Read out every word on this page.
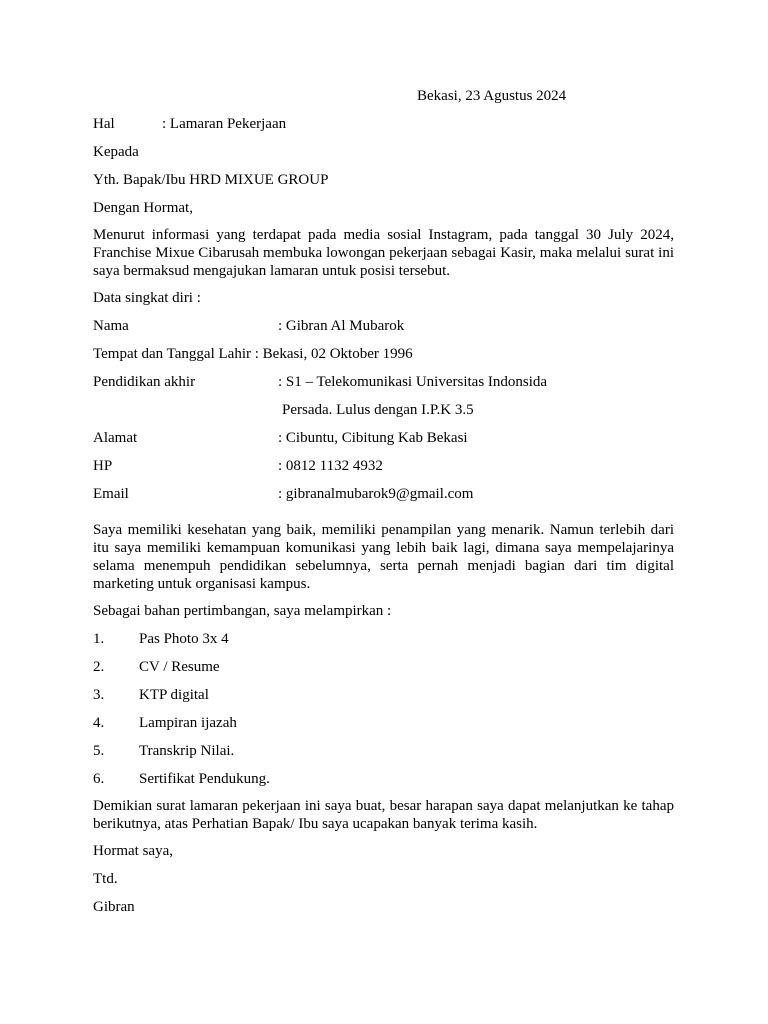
Bekasi, 23 Agustus 2024
Hal	: Lamaran Pekerjaan
Kepada
Yth. Bapak/Ibu HRD MIXUE GROUP
Dengan Hormat,

Menurut informasi yang terdapat pada media sosial Instagram, pada tanggal 30 July 2024, Franchise Mixue Cibarusah membuka lowongan pekerjaan sebagai Kasir, maka melalui surat ini saya bermaksud mengajukan lamaran untuk posisi tersebut.

Data singkat diri :
Nama	: Gibran Al Mubarok
Tempat dan Tanggal Lahir : Bekasi, 02 Oktober 1996
Pendidikan akhir	: S1 – Telekomunikasi Universitas Indonsida
Persada. Lulus dengan I.P.K 3.5
Alamat	: Cibuntu, Cibitung Kab Bekasi
HP	: 0812 1132 4932
Email	: gibranalmubarok9@gmail.com

Saya memiliki kesehatan yang baik, memiliki penampilan yang menarik. Namun terlebih dari itu saya memiliki kemampuan komunikasi yang lebih baik lagi, dimana saya mempelajarinya selama menempuh pendidikan sebelumnya, serta pernah menjadi bagian dari tim digital marketing untuk organisasi kampus.

Sebagai bahan pertimbangan, saya melampirkan :
1. Pas Photo 3x 4
2. CV / Resume
3. KTP digital
4. Lampiran ijazah
5. Transkrip Nilai.
6. Sertifikat Pendukung.

Demikian surat lamaran pekerjaan ini saya buat, besar harapan saya dapat melanjutkan ke tahap berikutnya, atas Perhatian Bapak/ Ibu saya ucapakan banyak terima kasih.

Hormat saya,
Ttd.
Gibran
